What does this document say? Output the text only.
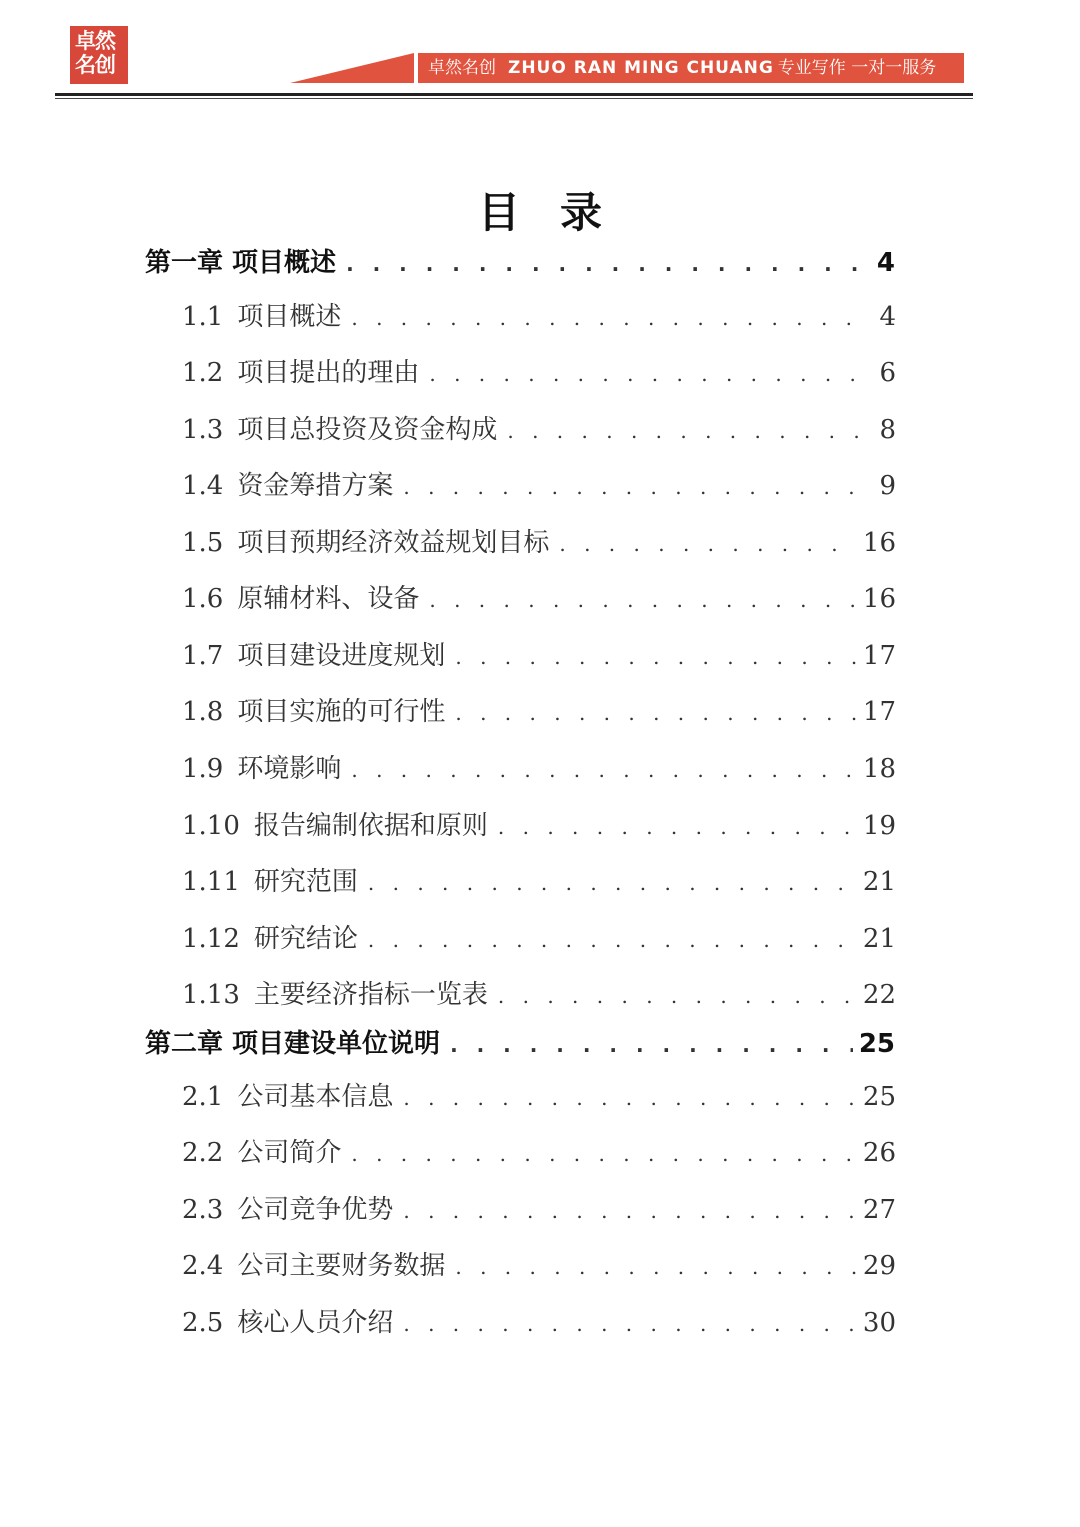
卓然
名创	卓然名创 ZHUO RAN MING CHUANG 专业写作 一对一服务
目录
第一章 项目概述 . . .	4
1.1 项目概述 . . .	4
1.2 项目提出的理由 . . .	6
1.3 项目总投资及资金构成 . . .	8
1.4 资金筹措方案 . . .	9
1.5 项目预期经济效益规划目标 . . .	16
1.6 原辅材料、设备 . . .	16
1.7 项目建设进度规划 . . .	17
1.8 项目实施的可行性 . . .	17
1.9 环境影响 . . .	18
1.10 报告编制依据和原则 . . .	19
1.11 研究范围 . . .	21
1.12 研究结论 . . .	21
1.13 主要经济指标一览表 . . .	22
第二章 项目建设单位说明 . . .	25
2.1 公司基本信息 . . .	25
2.2 公司简介 . . .	26
2.3 公司竞争优势 . . .	27
2.4 公司主要财务数据 . . .	29
2.5 核心人员介绍 . . .	30
